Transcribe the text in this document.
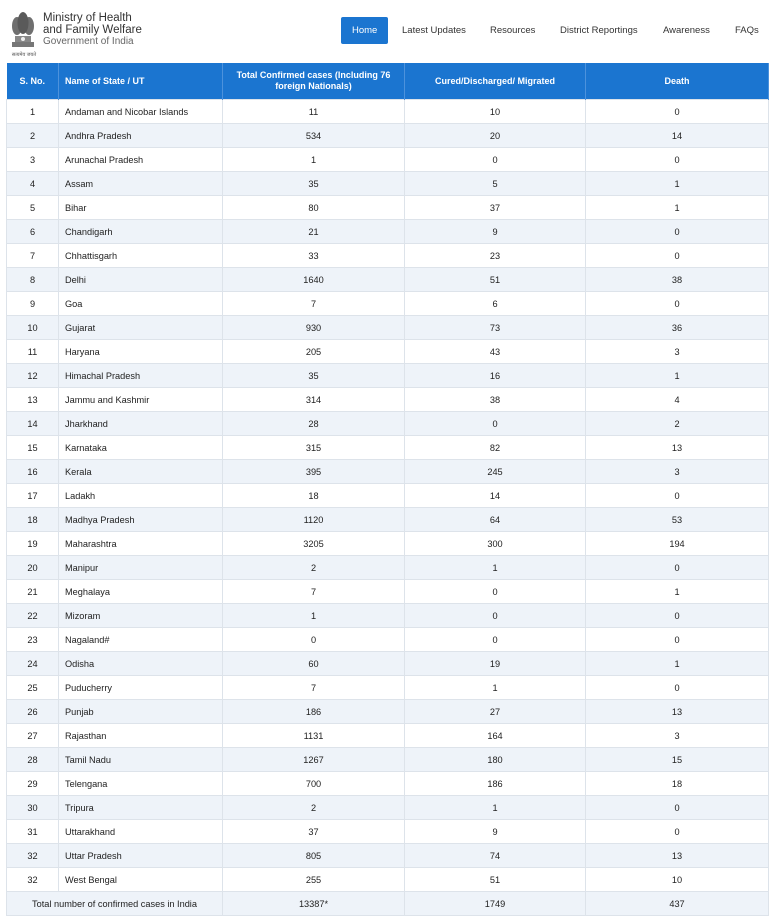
सत्यमेव जयते
Ministry of Health
and Family Welfare
Government of India
Home	Latest Updates	Resources	District Reportings	Awareness	FAQs
S. No.	Name of State / UT	Total Confirmed cases (Including 76 foreign Nationals)	Cured/Discharged/ Migrated	Death
1	Andaman and Nicobar Islands	11	10	0
2	Andhra Pradesh	534	20	14
3	Arunachal Pradesh	1	0	0
4	Assam	35	5	1
5	Bihar	80	37	1
6	Chandigarh	21	9	0
7	Chhattisgarh	33	23	0
8	Delhi	1640	51	38
9	Goa	7	6	0
10	Gujarat	930	73	36
11	Haryana	205	43	3
12	Himachal Pradesh	35	16	1
13	Jammu and Kashmir	314	38	4
14	Jharkhand	28	0	2
15	Karnataka	315	82	13
16	Kerala	395	245	3
17	Ladakh	18	14	0
18	Madhya Pradesh	1120	64	53
19	Maharashtra	3205	300	194
20	Manipur	2	1	0
21	Meghalaya	7	0	1
22	Mizoram	1	0	0
23	Nagaland#	0	0	0
24	Odisha	60	19	1
25	Puducherry	7	1	0
26	Punjab	186	27	13
27	Rajasthan	1131	164	3
28	Tamil Nadu	1267	180	15
29	Telengana	700	186	18
30	Tripura	2	1	0
31	Uttarakhand	37	9	0
32	Uttar Pradesh	805	74	13
32	West Bengal	255	51	10
Total number of confirmed cases in India		13387*	1749	437
